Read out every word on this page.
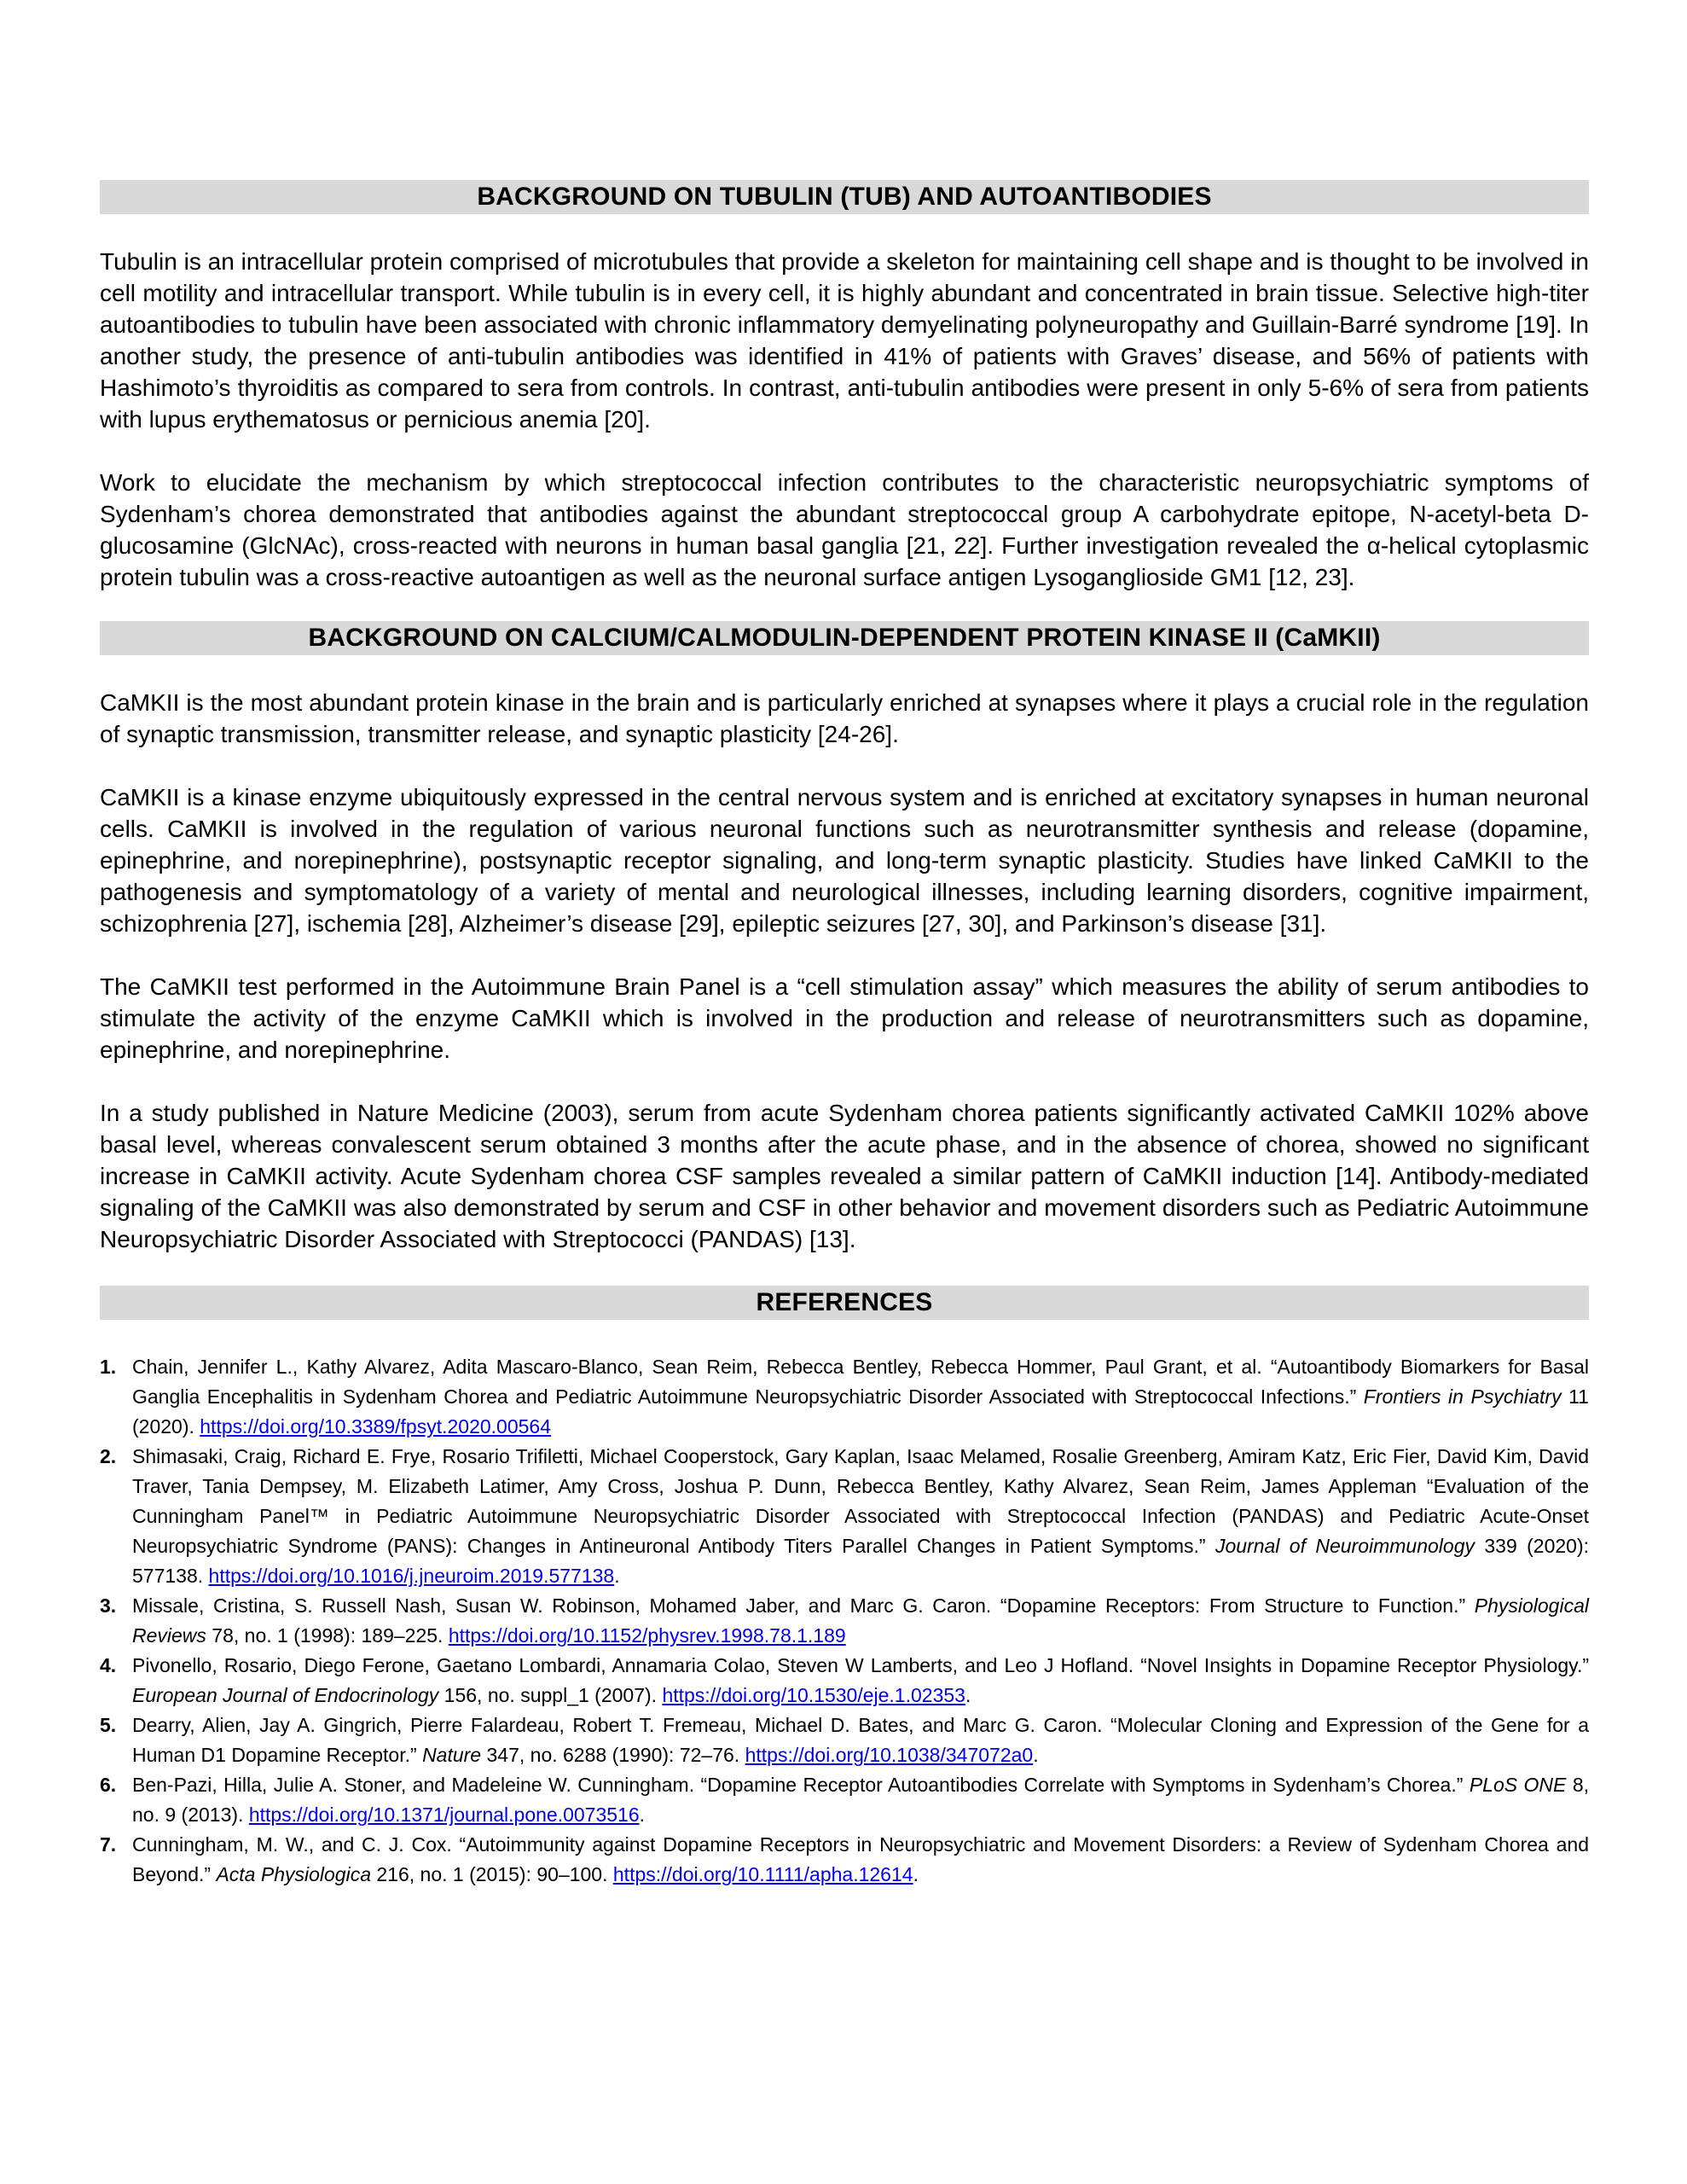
BACKGROUND ON TUBULIN (TUB) AND AUTOANTIBODIES

Tubulin is an intracellular protein comprised of microtubules that provide a skeleton for maintaining cell shape and is thought to be involved in cell motility and intracellular transport. While tubulin is in every cell, it is highly abundant and concentrated in brain tissue. Selective high-titer autoantibodies to tubulin have been associated with chronic inflammatory demyelinating polyneuropathy and Guillain-Barré syndrome [19]. In another study, the presence of anti-tubulin antibodies was identified in 41% of patients with Graves’ disease, and 56% of patients with Hashimoto’s thyroiditis as compared to sera from controls. In contrast, anti-tubulin antibodies were present in only 5-6% of sera from patients with lupus erythematosus or pernicious anemia [20].

Work to elucidate the mechanism by which streptococcal infection contributes to the characteristic neuropsychiatric symptoms of Sydenham’s chorea demonstrated that antibodies against the abundant streptococcal group A carbohydrate epitope, N-acetyl-beta D-glucosamine (GlcNAc), cross-reacted with neurons in human basal ganglia [21, 22]. Further investigation revealed the α-helical cytoplasmic protein tubulin was a cross-reactive autoantigen as well as the neuronal surface antigen Lysoganglioside GM1 [12, 23].

BACKGROUND ON CALCIUM/CALMODULIN-DEPENDENT PROTEIN KINASE II (CaMKII)

CaMKII is the most abundant protein kinase in the brain and is particularly enriched at synapses where it plays a crucial role in the regulation of synaptic transmission, transmitter release, and synaptic plasticity [24-26].

CaMKII is a kinase enzyme ubiquitously expressed in the central nervous system and is enriched at excitatory synapses in human neuronal cells. CaMKII is involved in the regulation of various neuronal functions such as neurotransmitter synthesis and release (dopamine, epinephrine, and norepinephrine), postsynaptic receptor signaling, and long-term synaptic plasticity. Studies have linked CaMKII to the pathogenesis and symptomatology of a variety of mental and neurological illnesses, including learning disorders, cognitive impairment, schizophrenia [27], ischemia [28], Alzheimer’s disease [29], epileptic seizures [27, 30], and Parkinson’s disease [31].

The CaMKII test performed in the Autoimmune Brain Panel is a “cell stimulation assay” which measures the ability of serum antibodies to stimulate the activity of the enzyme CaMKII which is involved in the production and release of neurotransmitters such as dopamine, epinephrine, and norepinephrine.

In a study published in Nature Medicine (2003), serum from acute Sydenham chorea patients significantly activated CaMKII 102% above basal level, whereas convalescent serum obtained 3 months after the acute phase, and in the absence of chorea, showed no significant increase in CaMKII activity. Acute Sydenham chorea CSF samples revealed a similar pattern of CaMKII induction [14]. Antibody-mediated signaling of the CaMKII was also demonstrated by serum and CSF in other behavior and movement disorders such as Pediatric Autoimmune Neuropsychiatric Disorder Associated with Streptococci (PANDAS) [13].

REFERENCES
1. Chain, Jennifer L., Kathy Alvarez, Adita Mascaro-Blanco, Sean Reim, Rebecca Bentley, Rebecca Hommer, Paul Grant, et al. “Autoantibody Biomarkers for Basal Ganglia Encephalitis in Sydenham Chorea and Pediatric Autoimmune Neuropsychiatric Disorder Associated with Streptococcal Infections.” Frontiers in Psychiatry 11 (2020). https://doi.org/10.3389/fpsyt.2020.00564
2. Shimasaki, Craig, Richard E. Frye, Rosario Trifiletti, Michael Cooperstock, Gary Kaplan, Isaac Melamed, Rosalie Greenberg, Amiram Katz, Eric Fier, David Kim, David Traver, Tania Dempsey, M. Elizabeth Latimer, Amy Cross, Joshua P. Dunn, Rebecca Bentley, Kathy Alvarez, Sean Reim, James Appleman “Evaluation of the Cunningham Panel™ in Pediatric Autoimmune Neuropsychiatric Disorder Associated with Streptococcal Infection (PANDAS) and Pediatric Acute-Onset Neuropsychiatric Syndrome (PANS): Changes in Antineuronal Antibody Titers Parallel Changes in Patient Symptoms.” Journal of Neuroimmunology 339 (2020): 577138. https://doi.org/10.1016/j.jneuroim.2019.577138.
3. Missale, Cristina, S. Russell Nash, Susan W. Robinson, Mohamed Jaber, and Marc G. Caron. “Dopamine Receptors: From Structure to Function.” Physiological Reviews 78, no. 1 (1998): 189–225. https://doi.org/10.1152/physrev.1998.78.1.189
4. Pivonello, Rosario, Diego Ferone, Gaetano Lombardi, Annamaria Colao, Steven W Lamberts, and Leo J Hofland. “Novel Insights in Dopamine Receptor Physiology.” European Journal of Endocrinology 156, no. suppl_1 (2007). https://doi.org/10.1530/eje.1.02353.
5. Dearry, Alien, Jay A. Gingrich, Pierre Falardeau, Robert T. Fremeau, Michael D. Bates, and Marc G. Caron. “Molecular Cloning and Expression of the Gene for a Human D1 Dopamine Receptor.” Nature 347, no. 6288 (1990): 72–76. https://doi.org/10.1038/347072a0.
6. Ben-Pazi, Hilla, Julie A. Stoner, and Madeleine W. Cunningham. “Dopamine Receptor Autoantibodies Correlate with Symptoms in Sydenham’s Chorea.” PLoS ONE 8, no. 9 (2013). https://doi.org/10.1371/journal.pone.0073516.
7. Cunningham, M. W., and C. J. Cox. “Autoimmunity against Dopamine Receptors in Neuropsychiatric and Movement Disorders: a Review of Sydenham Chorea and Beyond.” Acta Physiologica 216, no. 1 (2015): 90–100. https://doi.org/10.1111/apha.12614.
